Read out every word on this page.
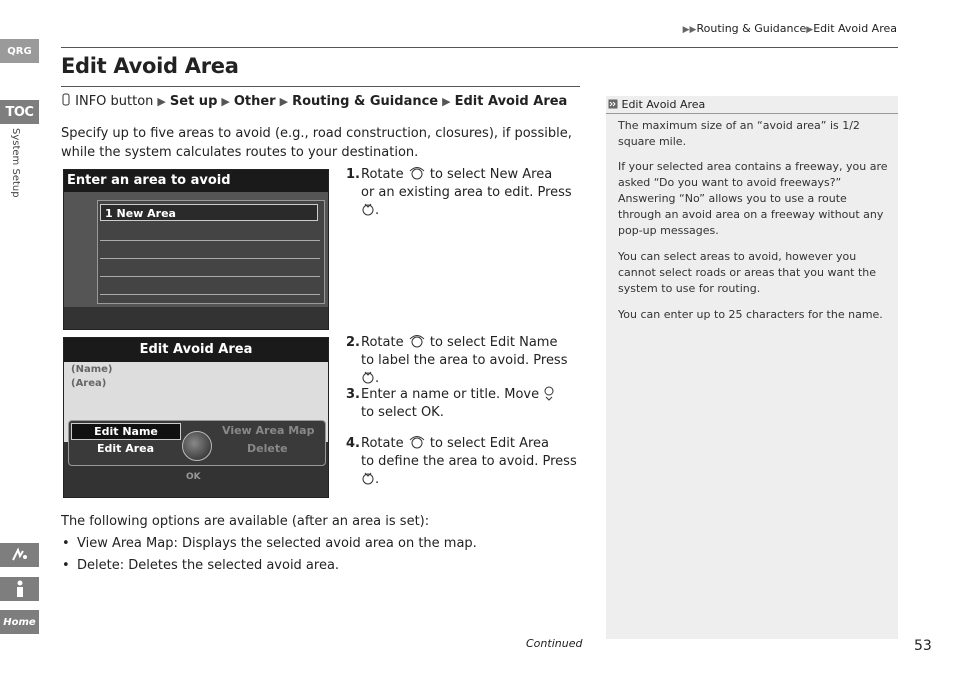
QRG
TOC
System Setup
Home
▶▶Routing & Guidance▶Edit Avoid Area
Edit Avoid Area
INFO button ▶ Set up ▶ Other ▶ Routing & Guidance ▶ Edit Avoid Area
Specify up to five areas to avoid (e.g., road construction, closures), if possible, while the system calculates routes to your destination.
Enter an area to avoid
1 New Area
Edit Avoid Area
(Name)
(Area)
Edit Name
Edit Area
View Area Map
Delete
OK
1.Rotate to select New Area
or an existing area to edit. Press .
2.Rotate to select Edit Name
to label the area to avoid. Press .
3.Enter a name or title. Move
to select OK.
4.Rotate to select Edit Area
to define the area to avoid. Press .
The following options are available (after an area is set):
• View Area Map: Displays the selected avoid area on the map.
• Delete: Deletes the selected avoid area.
Continued
Edit Avoid Area

The maximum size of an “avoid area” is 1/2 square mile.

If your selected area contains a freeway, you are asked “Do you want to avoid freeways?” Answering “No” allows you to use a route through an avoid area on a freeway without any pop-up messages.

You can select areas to avoid, however you cannot select roads or areas that you want the system to use for routing.

You can enter up to 25 characters for the name.

53
